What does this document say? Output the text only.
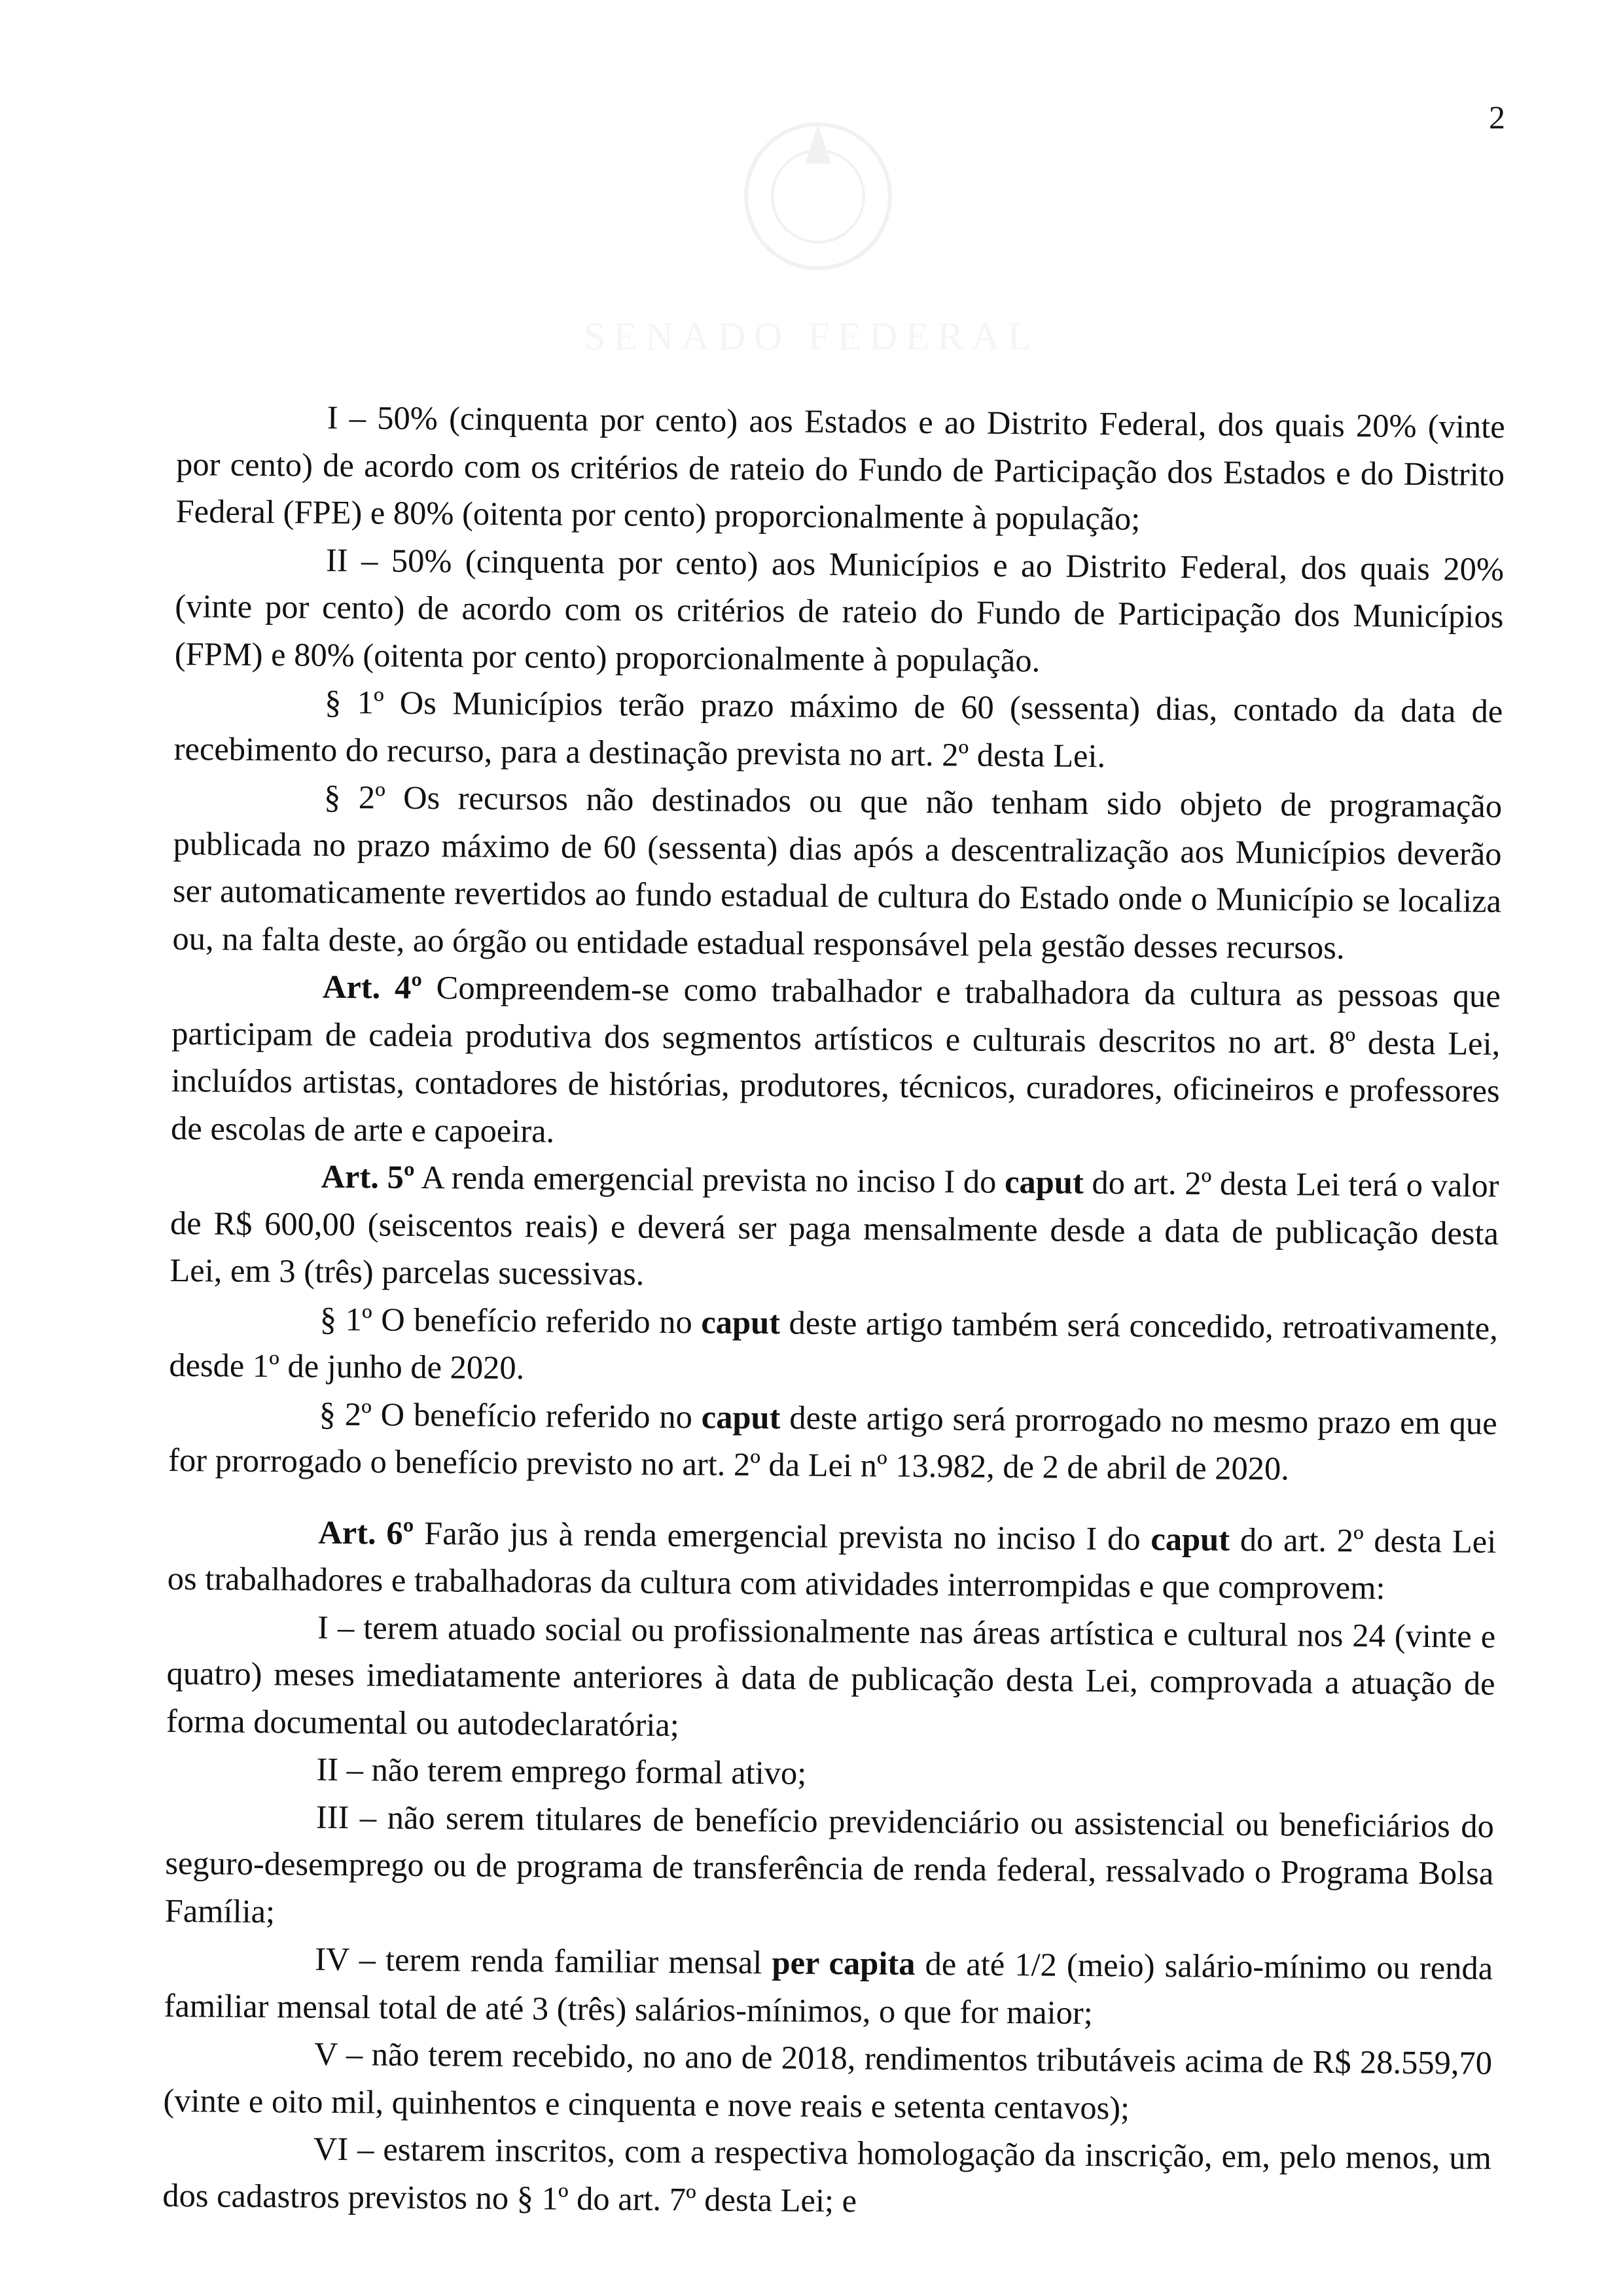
2

I – 50% (cinquenta por cento) aos Estados e ao Distrito Federal, dos quais 20% (vinte por cento) de acordo com os critérios de rateio do Fundo de Participação dos Estados e do Distrito Federal (FPE) e 80% (oitenta por cento) proporcionalmente à população;

II – 50% (cinquenta por cento) aos Municípios e ao Distrito Federal, dos quais 20% (vinte por cento) de acordo com os critérios de rateio do Fundo de Participação dos Municípios (FPM) e 80% (oitenta por cento) proporcionalmente à população.

§ 1º Os Municípios terão prazo máximo de 60 (sessenta) dias, contado da data de recebimento do recurso, para a destinação prevista no art. 2º desta Lei.

§ 2º Os recursos não destinados ou que não tenham sido objeto de programação publicada no prazo máximo de 60 (sessenta) dias após a descentralização aos Municípios deverão ser automaticamente revertidos ao fundo estadual de cultura do Estado onde o Município se localiza ou, na falta deste, ao órgão ou entidade estadual responsável pela gestão desses recursos.

Art. 4º Compreendem-se como trabalhador e trabalhadora da cultura as pessoas que participam de cadeia produtiva dos segmentos artísticos e culturais descritos no art. 8º desta Lei, incluídos artistas, contadores de histórias, produtores, técnicos, curadores, oficineiros e professores de escolas de arte e capoeira.

Art. 5º A renda emergencial prevista no inciso I do caput do art. 2º desta Lei terá o valor de R$ 600,00 (seiscentos reais) e deverá ser paga mensalmente desde a data de publicação desta Lei, em 3 (três) parcelas sucessivas.

§ 1º O benefício referido no caput deste artigo também será concedido, retroativamente, desde 1º de junho de 2020.

§ 2º O benefício referido no caput deste artigo será prorrogado no mesmo prazo em que for prorrogado o benefício previsto no art. 2º da Lei nº 13.982, de 2 de abril de 2020.

Art. 6º Farão jus à renda emergencial prevista no inciso I do caput do art. 2º desta Lei os trabalhadores e trabalhadoras da cultura com atividades interrompidas e que comprovem:

I – terem atuado social ou profissionalmente nas áreas artística e cultural nos 24 (vinte e quatro) meses imediatamente anteriores à data de publicação desta Lei, comprovada a atuação de forma documental ou autodeclaratória;

II – não terem emprego formal ativo;

III – não serem titulares de benefício previdenciário ou assistencial ou beneficiários do seguro-desemprego ou de programa de transferência de renda federal, ressalvado o Programa Bolsa Família;

IV – terem renda familiar mensal per capita de até 1/2 (meio) salário-mínimo ou renda familiar mensal total de até 3 (três) salários-mínimos, o que for maior;

V – não terem recebido, no ano de 2018, rendimentos tributáveis acima de R$ 28.559,70 (vinte e oito mil, quinhentos e cinquenta e nove reais e setenta centavos);

VI – estarem inscritos, com a respectiva homologação da inscrição, em, pelo menos, um dos cadastros previstos no § 1º do art. 7º desta Lei; e
